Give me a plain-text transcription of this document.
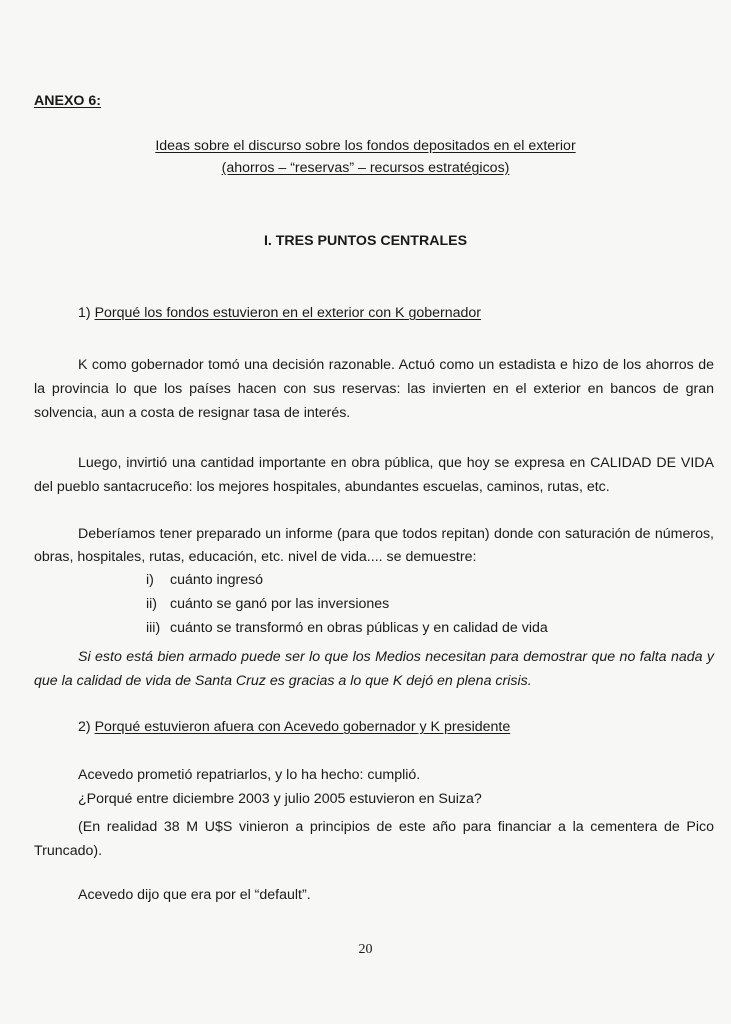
ANEXO 6:
Ideas sobre el discurso sobre los fondos depositados en el exterior
(ahorros – “reservas” – recursos estratégicos)
I. TRES PUNTOS CENTRALES
1) Porqué los fondos estuvieron en el exterior con K gobernador
K como gobernador tomó una decisión razonable. Actuó como un estadista e hizo de los ahorros de la provincia lo que los países hacen con sus reservas: las invierten en el exterior en bancos de gran solvencia, aun a costa de resignar tasa de interés.
Luego, invirtió una cantidad importante en obra pública, que hoy se expresa en CALIDAD DE VIDA del pueblo santacruceño: los mejores hospitales, abundantes escuelas, caminos, rutas, etc.
Deberíamos tener preparado un informe (para que todos repitan) donde con saturación de números, obras, hospitales, rutas, educación, etc. nivel de vida.... se demuestre:
i) cuánto ingresó
ii) cuánto se ganó por las inversiones
iii) cuánto se transformó en obras públicas y en calidad de vida
Si esto está bien armado puede ser lo que los Medios necesitan para demostrar que no falta nada y que la calidad de vida de Santa Cruz es gracias a lo que K dejó en plena crisis.
2) Porqué estuvieron afuera con Acevedo gobernador y K presidente
Acevedo prometió repatriarlos, y lo ha hecho: cumplió.
¿Porqué entre diciembre 2003 y julio 2005 estuvieron en Suiza?
(En realidad 38 M U$S vinieron a principios de este año para financiar a la cementera de Pico Truncado).
Acevedo dijo que era por el “default”.
20
